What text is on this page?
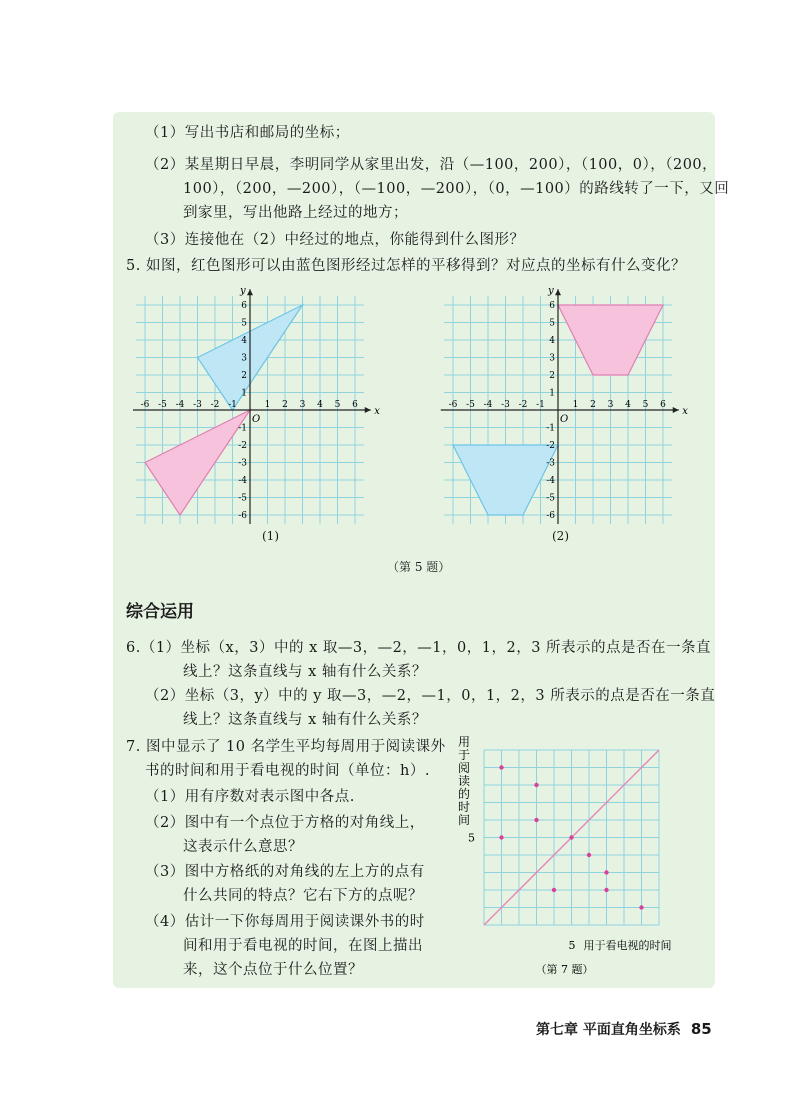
（1）写出书店和邮局的坐标；
（2）某星期日早晨，李明同学从家里出发，沿（—100，200），（100，0），（200，
100），（200，—200），（—100，—200），（0，—100）的路线转了一下，又回
到家里，写出他路上经过的地方；
（3）连接他在（2）中经过的地点，你能得到什么图形？
5. 如图，红色图形可以由蓝色图形经过怎样的平移得到？对应点的坐标有什么变化？
x
y
O
-6 -5 -4 -3 -2 -1	1 2 3 4 5 6
6
5
4
3
2
1
-1
-2
-3
-4
-5
-6
x
y
O
-6 -5 -4 -3 -2 -1	1 2 3 4 5 6
6
5
4
3
2
1
-1
-2
-3
-4
-5
-6
(1)	(2)
（第 5 题）
综合运用
6.（1）坐标（x，3）中的 x 取—3，—2，—1，0，1，2，3 所表示的点是否在一条直
线上？这条直线与 x 轴有什么关系？
（2）坐标（3，y）中的 y 取—3，—2，—1，0，1，2，3 所表示的点是否在一条直
线上？这条直线与 x 轴有什么关系？
7. 图中显示了 10 名学生平均每周用于阅读课外
书的时间和用于看电视的时间（单位：h）.
（1）用有序数对表示图中各点.
（2）图中有一个点位于方格的对角线上，
这表示什么意思？
（3）图中方格纸的对角线的左上方的点有
什么共同的特点？它右下方的点呢？
（4）估计一下你每周用于阅读课外书的时
间和用于看电视的时间，在图上描出
来，这个点位于什么位置？
用
于
阅
读
的
时
间
5
5 用于看电视的时间
（第 7 题）
第七章 平面直角坐标系 85
